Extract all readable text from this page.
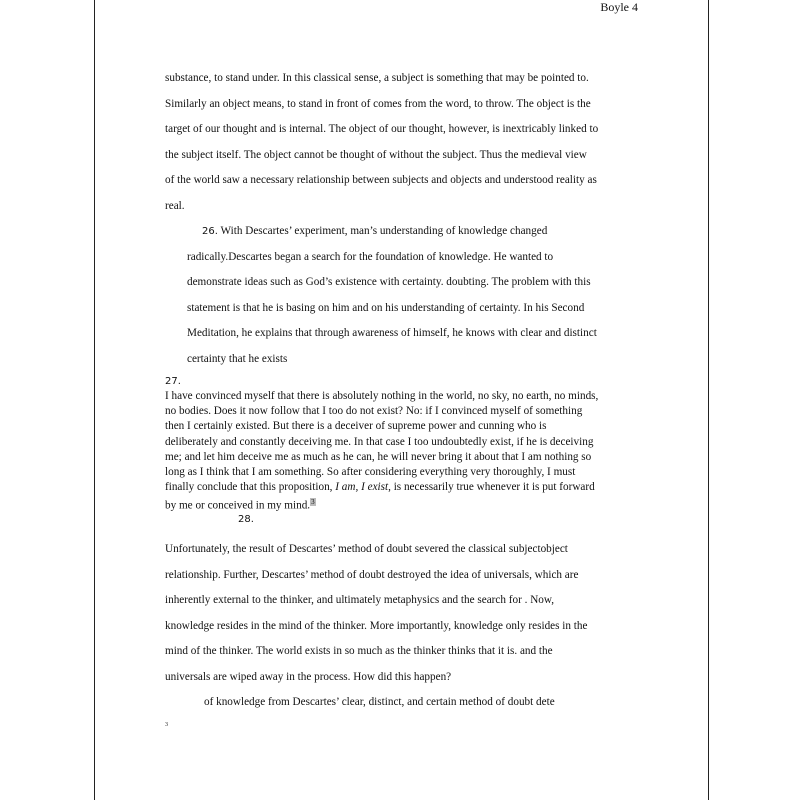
Boyle 4

substance, to stand under. In this classical sense, a subject is something that may be pointed to.

Similarly an object means, to stand in front of comes from the word, to throw. The object is the

target of our thought and is internal. The object of our thought, however, is inextricably linked to

the subject itself. The object cannot be thought of without the subject. Thus the medieval view

of the world saw a necessary relationship between subjects and objects and understood reality as

real.

26. With Descartes’ experiment, man’s understanding of knowledge changed

radically.Descartes began a search for the foundation of knowledge. He wanted to

demonstrate ideas such as God’s existence with certainty. doubting. The problem with this

statement is that he is basing on him and on his understanding of certainty. In his Second

Meditation, he explains that through awareness of himself, he knows with clear and distinct

certainty that he exists

27.

I have convinced myself that there is absolutely nothing in the world, no sky, no earth, no minds,

no bodies. Does it now follow that I too do not exist? No: if I convinced myself of something

then I certainly existed. But there is a deceiver of supreme power and cunning who is

deliberately and constantly deceiving me. In that case I too undoubtedly exist, if he is deceiving

me; and let him deceive me as much as he can, he will never bring it about that I am nothing so

long as I think that I am something. So after considering everything very thoroughly, I must

finally conclude that this proposition, I am, I exist, is necessarily true whenever it is put forward

by me or conceived in my mind.$^3$

28.

Unfortunately, the result of Descartes’ method of doubt severed the classical subjectobject

relationship. Further, Descartes’ method of doubt destroyed the idea of universals, which are

inherently external to the thinker, and ultimately metaphysics and the search for . Now,

knowledge resides in the mind of the thinker. More importantly, knowledge only resides in the

mind of the thinker. The world exists in so much as the thinker thinks that it is. and the

universals are wiped away in the process. How did this happen?

of knowledge from Descartes’ clear, distinct, and certain method of doubt dete

3
